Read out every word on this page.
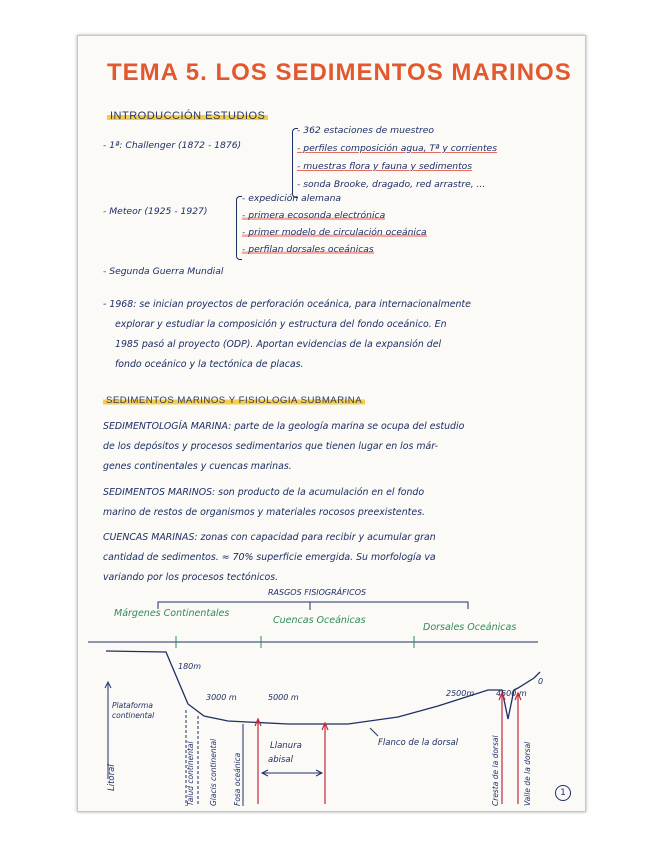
TEMA 5. LOS SEDIMENTOS MARINOS
INTRODUCCIÓN ESTUDIOS
- 1ª: Challenger (1872 - 1876)
- 362 estaciones de muestreo
- perfiles composición agua, Tª y corrientes
- muestras flora y fauna y sedimentos
- sonda Brooke, dragado, red arrastre, ...
- Meteor (1925 - 1927)
- expedición alemana
- primera ecosonda electrónica
- primer modelo de circulación oceánica
- perfilan dorsales oceánicas
- Segunda Guerra Mundial
- 1968: se inician proyectos de perforación oceánica, para internacionalmente
explorar y estudiar la composición y estructura del fondo oceánico. En
1985 pasó al proyecto (ODP). Aportan evidencias de la expansión del
fondo oceánico y la tectónica de placas.
SEDIMENTOS MARINOS Y FISIOLOGIA SUBMARINA
SEDIMENTOLOGÍA MARINA: parte de la geología marina se ocupa del estudio
de los depósitos y procesos sedimentarios que tienen lugar en los már-
genes continentales y cuencas marinas.
SEDIMENTOS MARINOS: son producto de la acumulación en el fondo
marino de restos de organismos y materiales rocosos preexistentes.
CUENCAS MARINAS: zonas con capacidad para recibir y acumular gran
cantidad de sedimentos. ≈ 70% superficie emergida. Su morfología va
variando por los procesos tectónicos.
RASGOS FISIOGRÁFICOS
Márgenes Continentales
Cuencas Oceánicas
Dorsales Oceánicas
180m
3000 m	5000 m	2500m	4500 m
0
Plataforma continental
Litoral	Talud continental Glacis continental Fosa oceánica
Llanura abisal
Flanco de la dorsal	Cresta de la dorsal	Valle de la dorsal	1
